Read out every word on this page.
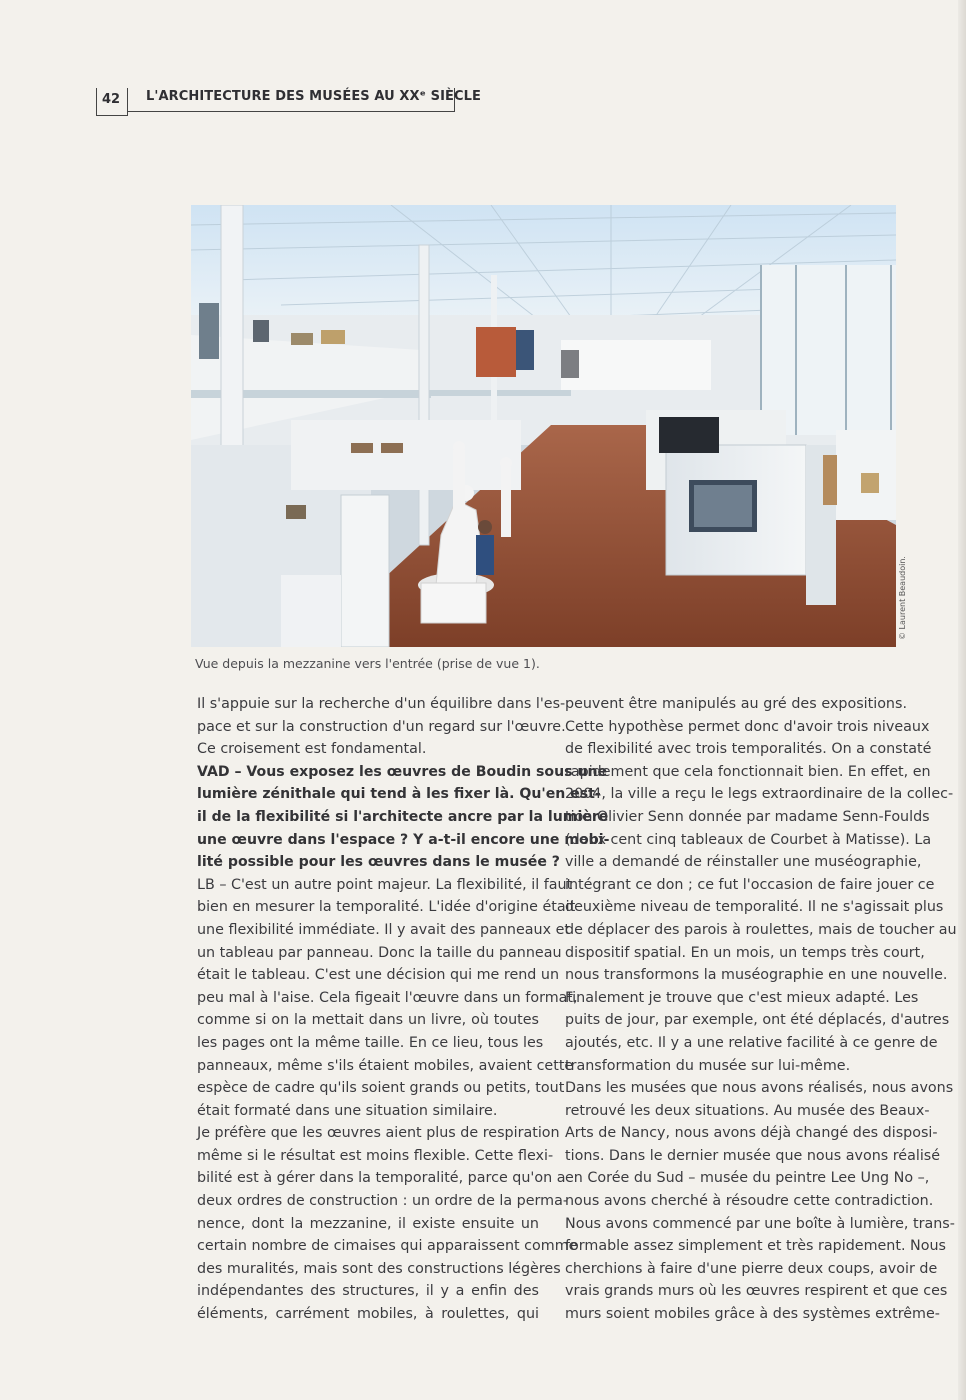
42 L'ARCHITECTURE DES MUSÉES AU XXᵉ SIÈCLE
© Laurent Beaudoin.
Vue depuis la mezzanine vers l'entrée (prise de vue 1).
Il s'appuie sur la recherche d'un équilibre dans l'es-
pace et sur la construction d'un regard sur l'œuvre.
Ce croisement est fondamental.
VAD – Vous exposez les œuvres de Boudin sous une
lumière zénithale qui tend à les fixer là. Qu'en est-
il de la flexibilité si l'architecte ancre par la lumière
une œuvre dans l'espace ? Y a-t-il encore une mobi-
lité possible pour les œuvres dans le musée ?
LB – C'est un autre point majeur. La flexibilité, il faut
bien en mesurer la temporalité. L'idée d'origine était
une flexibilité immédiate. Il y avait des panneaux et
un tableau par panneau. Donc la taille du panneau
était le tableau. C'est une décision qui me rend un
peu mal à l'aise. Cela figeait l'œuvre dans un format,
comme si on la mettait dans un livre, où toutes
les pages ont la même taille. En ce lieu, tous les
panneaux, même s'ils étaient mobiles, avaient cette
espèce de cadre qu'ils soient grands ou petits, tout
était formaté dans une situation similaire.
Je préfère que les œuvres aient plus de respiration
même si le résultat est moins flexible. Cette flexi-
bilité est à gérer dans la temporalité, parce qu'on a
deux ordres de construction : un ordre de la perma-
nence, dont la mezzanine, il existe ensuite un
certain nombre de cimaises qui apparaissent comme
des muralités, mais sont des constructions légères
indépendantes des structures, il y a enfin des
éléments, carrément mobiles, à roulettes, qui
peuvent être manipulés au gré des expositions.
Cette hypothèse permet donc d'avoir trois niveaux
de flexibilité avec trois temporalités. On a constaté
rapidement que cela fonctionnait bien. En effet, en
2004, la ville a reçu le legs extraordinaire de la collec-
tion Olivier Senn donnée par madame Senn-Foulds
(deux cent cinq tableaux de Courbet à Matisse). La
ville a demandé de réinstaller une muséographie,
intégrant ce don ; ce fut l'occasion de faire jouer ce
deuxième niveau de temporalité. Il ne s'agissait plus
de déplacer des parois à roulettes, mais de toucher au
dispositif spatial. En un mois, un temps très court,
nous transformons la muséographie en une nouvelle.
Finalement je trouve que c'est mieux adapté. Les
puits de jour, par exemple, ont été déplacés, d'autres
ajoutés, etc. Il y a une relative facilité à ce genre de
transformation du musée sur lui-même.
Dans les musées que nous avons réalisés, nous avons
retrouvé les deux situations. Au musée des Beaux-
Arts de Nancy, nous avons déjà changé des disposi-
tions. Dans le dernier musée que nous avons réalisé
en Corée du Sud – musée du peintre Lee Ung No –,
nous avons cherché à résoudre cette contradiction.
Nous avons commencé par une boîte à lumière, trans-
formable assez simplement et très rapidement. Nous
cherchions à faire d'une pierre deux coups, avoir de
vrais grands murs où les œuvres respirent et que ces
murs soient mobiles grâce à des systèmes extrême-
